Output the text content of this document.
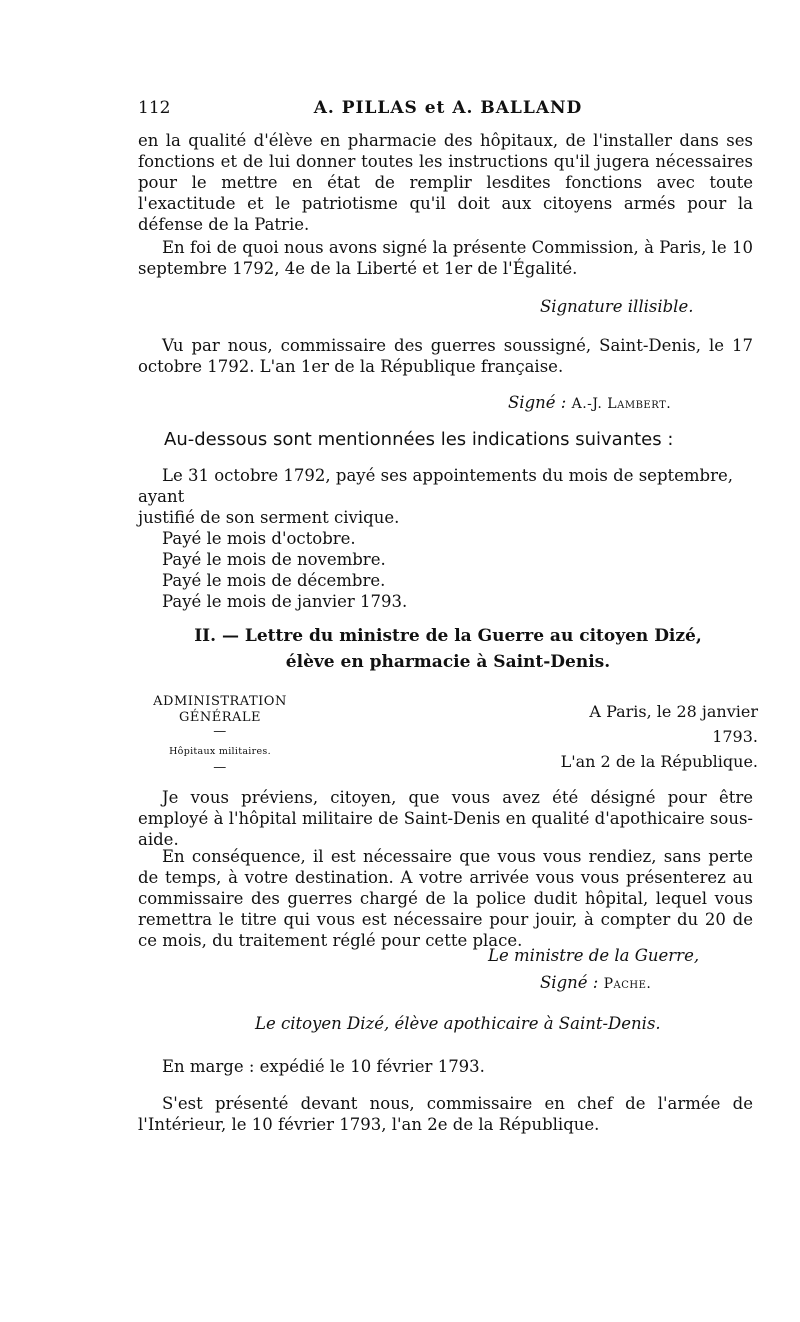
112	A. PILLAS et A. BALLAND
en la qualité d'élève en pharmacie des hôpitaux, de l'installer dans ses fonctions et de lui donner toutes les instructions qu'il jugera nécessaires pour le mettre en état de remplir lesdites fonctions avec toute l'exactitude et le patriotisme qu'il doit aux citoyens armés pour la défense de la Patrie.
En foi de quoi nous avons signé la présente Commission, à Paris, le 10 septembre 1792, 4e de la Liberté et 1er de l'Égalité.
Signature illisible.
Vu par nous, commissaire des guerres soussigné, Saint-Denis, le 17 octobre 1792. L'an 1er de la République française.
Signé : A.-J. Lambert.
Au-dessous sont mentionnées les indications suivantes :
Le 31 octobre 1792, payé ses appointements du mois de septembre, ayant
justifié de son serment civique.
Payé le mois d'octobre.
Payé le mois de novembre.
Payé le mois de décembre.
Payé le mois de janvier 1793.
II. — Lettre du ministre de la Guerre au citoyen Dizé,
élève en pharmacie à Saint-Denis.
ADMINISTRATION
GÉNÉRALE
—
Hôpitaux militaires.
—
A Paris, le 28 janvier 1793.
L'an 2 de la République.
Je vous préviens, citoyen, que vous avez été désigné pour être employé à l'hôpital militaire de Saint-Denis en qualité d'apothicaire sous-aide.
En conséquence, il est nécessaire que vous vous rendiez, sans perte de temps, à votre destination. A votre arrivée vous vous présenterez au commissaire des guerres chargé de la police dudit hôpital, lequel vous remettra le titre qui vous est nécessaire pour jouir, à compter du 20 de ce mois, du traitement réglé pour cette place.
Le ministre de la Guerre,
Signé : Pache.
Le citoyen Dizé, élève apothicaire à Saint-Denis.
En marge : expédié le 10 février 1793.
S'est présenté devant nous, commissaire en chef de l'armée de l'Intérieur, le 10 février 1793, l'an 2e de la République.
